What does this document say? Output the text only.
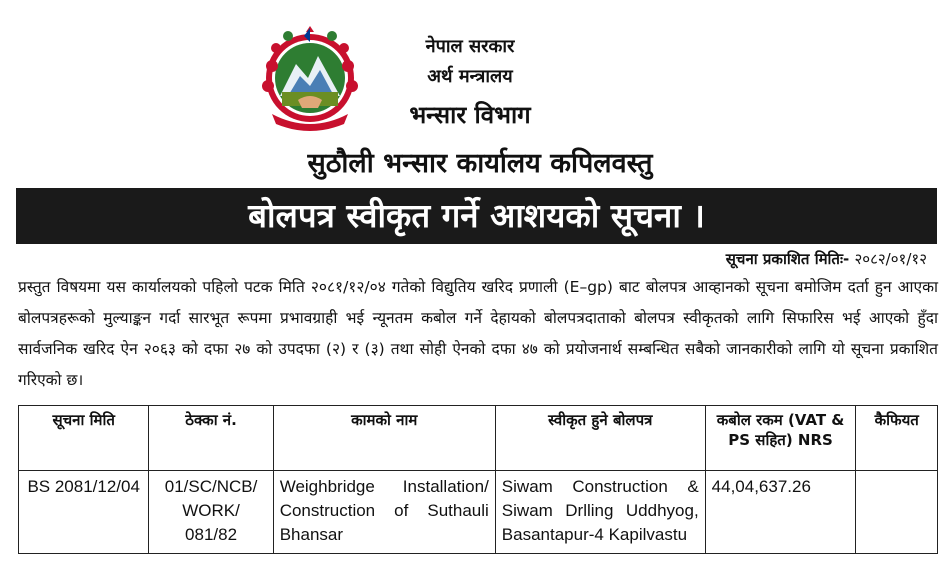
नेपाल सरकार
अर्थ मन्त्रालय
भन्सार विभाग
सुठौली भन्सार कार्यालय कपिलवस्तु
बोलपत्र स्वीकृत गर्ने आशयको सूचना ।
सूचना प्रकाशित मितिः- २०८२/०१/१२

प्रस्तुत विषयमा यस कार्यालयको पहिलो पटक मिति २०८१/१२/०४ गतेको विद्युतिय खरिद प्रणाली (E–gp) बाट बोलपत्र आव्हानको सूचना बमोजिम दर्ता हुन आएका बोलपत्रहरूको मुल्याङ्कन गर्दा सारभूत रूपमा प्रभावग्राही भई न्यूनतम कबोल गर्ने देहायको बोलपत्रदाताको बोलपत्र स्वीकृतको लागि सिफारिस भई आएको हुँदा सार्वजनिक खरिद ऐन २०६३ को दफा २७ को उपदफा (२) र (३) तथा सोही ऐनको दफा ४७ को प्रयोजनार्थ सम्बन्धित सबैको जानकारीको लागि यो सूचना प्रकाशित गरिएको छ।

सूचना मिति	ठेक्का नं.	कामको नाम	स्वीकृत हुने बोलपत्र	कबोल रकम (VAT & PS सहित) NRS	कैफियत
BS 2081/12/04	01/SC/NCB/ WORK/ 081/82	Weighbridge Installation/ Construction of Suthauli Bhansar	Siwam Construction & Siwam Drlling Uddhyog, Basantapur-4 Kapilvastu	44,04,637.26	
